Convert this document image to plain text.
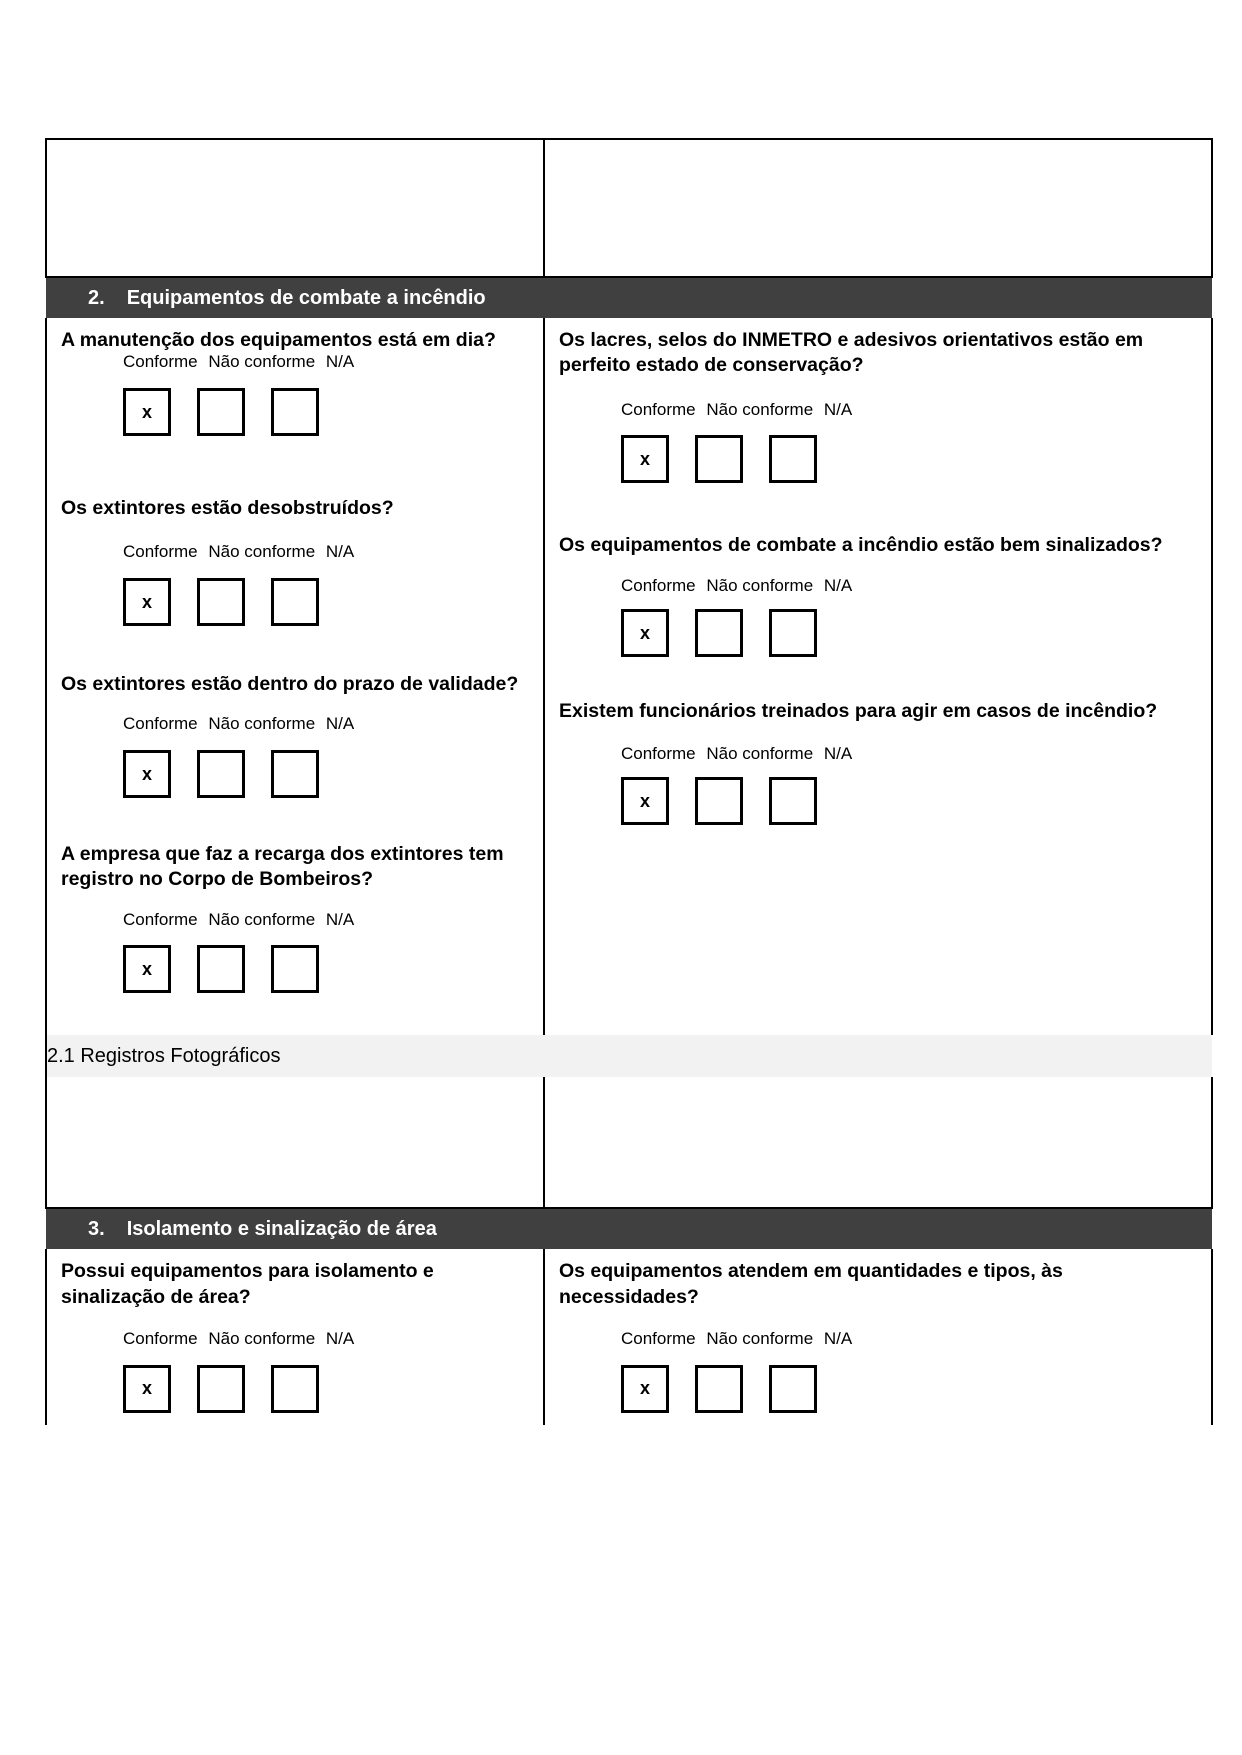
2. Equipamentos de combate a incêndio	

A manutenção dos equipamentos está em dia?

Conforme Não conforme N/A
x

Os extintores estão desobstruídos?

Conforme Não conforme N/A
x

Os extintores estão dentro do prazo de validade?

Conforme Não conforme N/A
x

A empresa que faz a recarga dos extintores tem registro no Corpo de Bombeiros?

Conforme Não conforme N/A
x

Os lacres, selos do INMETRO e adesivos orientativos estão em perfeito estado de conservação?

Conforme Não conforme N/A
x

Os equipamentos de combate a incêndio estão bem sinalizados?

Conforme Não conforme N/A
x

Existem funcionários treinados para agir em casos de incêndio?

Conforme Não conforme N/A
x

2.1 Registros Fotográficos	

3. Isolamento e sinalização de área	

Possui equipamentos para isolamento e sinalização de área?

Conforme Não conforme N/A
x

Os equipamentos atendem em quantidades e tipos, às necessidades?

Conforme Não conforme N/A
x
